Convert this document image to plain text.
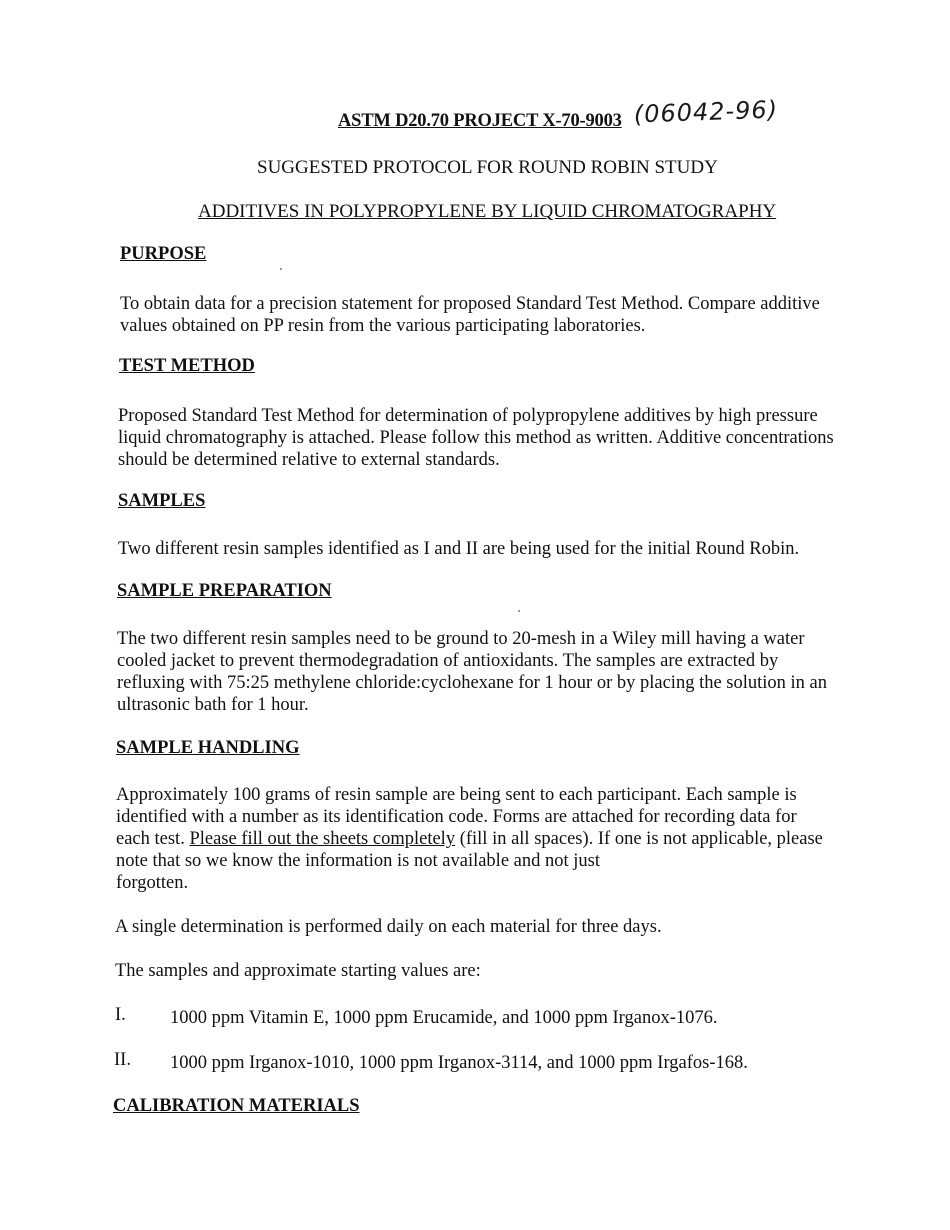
ASTM D20.70 PROJECT X-70-9003 (06042-96)
SUGGESTED PROTOCOL FOR ROUND ROBIN STUDY
ADDITIVES IN POLYPROPYLENE BY LIQUID CHROMATOGRAPHY
PURPOSE
To obtain data for a precision statement for proposed Standard Test Method. Compare additive
values obtained on PP resin from the various participating laboratories.
TEST METHOD
Proposed Standard Test Method for determination of polypropylene additives by high pressure
liquid chromatography is attached. Please follow this method as written. Additive concentrations
should be determined relative to external standards.
SAMPLES
Two different resin samples identified as I and II are being used for the initial Round Robin.
SAMPLE PREPARATION
The two different resin samples need to be ground to 20-mesh in a Wiley mill having a water
cooled jacket to prevent thermodegradation of antioxidants. The samples are extracted by
refluxing with 75:25 methylene chloride:cyclohexane for 1 hour or by placing the solution in an
ultrasonic bath for 1 hour.
SAMPLE HANDLING
Approximately 100 grams of resin sample are being sent to each participant. Each sample is
identified with a number as its identification code. Forms are attached for recording data for
each test. Please fill out the sheets completely (fill in all spaces). If one is not applicable, please
note that so we know the information is not available and not just
forgotten.
A single determination is performed daily on each material for three days.
The samples and approximate starting values are:
I. 1000 ppm Vitamin E, 1000 ppm Erucamide, and 1000 ppm Irganox-1076.
II. 1000 ppm Irganox-1010, 1000 ppm Irganox-3114, and 1000 ppm Irgafos-168.
CALIBRATION MATERIALS
